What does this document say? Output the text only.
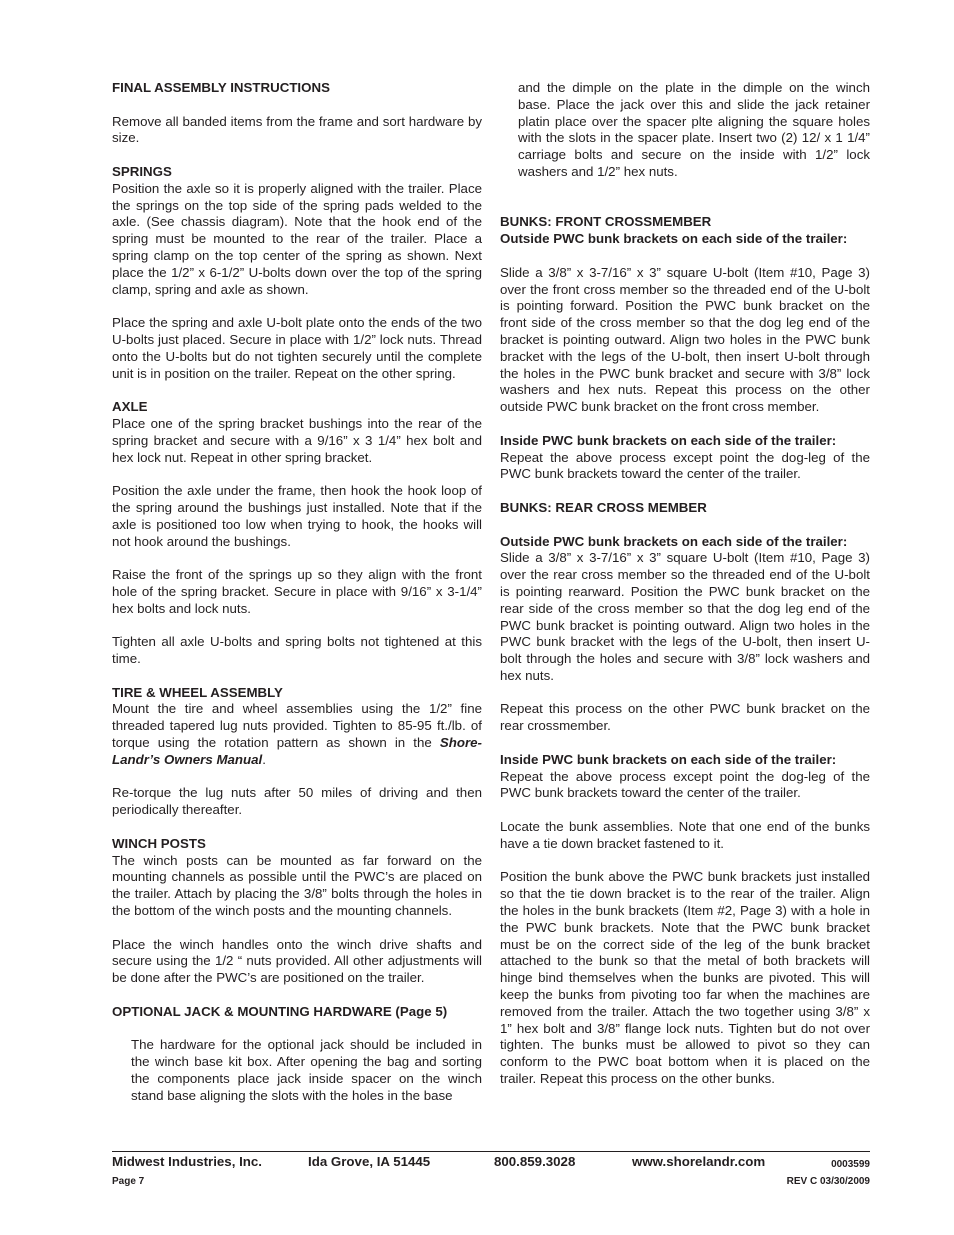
FINAL ASSEMBLY INSTRUCTIONS

Remove all banded items from the frame and sort hardware by size.

SPRINGS

Position the axle so it is properly aligned with the trailer. Place the springs on the top side of the spring pads welded to the axle. (See chassis diagram). Note that the hook end of the spring must be mounted to the rear of the trailer. Place a spring clamp on the top center of the spring as shown. Next place the 1/2” x 6-1/2” U-bolts down over the top of the spring clamp, spring and axle as shown.

Place the spring and axle U-bolt plate onto the ends of the two U-bolts just placed. Secure in place with 1/2” lock nuts. Thread onto the U-bolts but do not tighten securely until the complete unit is in position on the trailer. Repeat on the other spring.

AXLE

Place one of the spring bracket bushings into the rear of the spring bracket and secure with a 9/16” x 3 1/4” hex bolt and hex lock nut. Repeat in other spring bracket.

Position the axle under the frame, then hook the hook loop of the spring around the bushings just installed. Note that if the axle is positioned too low when trying to hook, the hooks will not hook around the bushings.

Raise the front of the springs up so they align with the front hole of the spring bracket. Secure in place with 9/16” x 3-1/4” hex bolts and lock nuts.

Tighten all axle U-bolts and spring bolts not tightened at this time.

TIRE & WHEEL ASSEMBLY

Mount the tire and wheel assemblies using the 1/2” fine threaded tapered lug nuts provided. Tighten to 85-95 ft./lb. of torque using the rotation pattern as shown in the Shore-Landr’s Owners Manual.

Re-torque the lug nuts after 50 miles of driving and then periodically thereafter.

WINCH POSTS

The winch posts can be mounted as far forward on the mounting channels as possible until the PWC’s are placed on the trailer. Attach by placing the 3/8” bolts through the holes in the bottom of the winch posts and the mounting channels.

Place the winch handles onto the winch drive shafts and secure using the 1/2 “ nuts provided. All other adjustments will be done after the PWC’s are positioned on the trailer.

OPTIONAL JACK & MOUNTING HARDWARE (Page 5)

The hardware for the optional jack should be included in the winch base kit box. After opening the bag and sorting the components place jack inside spacer on the winch stand base aligning the slots with the holes in the base

and the dimple on the plate in the dimple on the winch base. Place the jack over this and slide the jack retainer platin place over the spacer plte aligning the square holes with the slots in the spacer plate. Insert two (2) 12/ x 1 1/4” carriage bolts and secure on the inside with 1/2” lock washers and 1/2” hex nuts.

BUNKS: FRONT CROSSMEMBER

Outside PWC bunk brackets on each side of the trailer:

Slide a 3/8” x 3-7/16” x 3” square U-bolt (Item #10, Page 3) over the front cross member so the threaded end of the U-bolt is pointing forward. Position the PWC bunk bracket on the front side of the cross member so that the dog leg end of the bracket is pointing outward. Align two holes in the PWC bunk bracket with the legs of the U-bolt, then insert U-bolt through the holes in the PWC bunk bracket and secure with 3/8” lock washers and hex nuts. Repeat this process on the other outside PWC bunk bracket on the front cross member.

Inside PWC bunk brackets on each side of the trailer:

Repeat the above process except point the dog-leg of the PWC bunk brackets toward the center of the trailer.

BUNKS: REAR CROSS MEMBER

Outside PWC bunk brackets on each side of the trailer:

Slide a 3/8” x 3-7/16” x 3” square U-bolt (Item #10, Page 3) over the rear cross member so the threaded end of the U-bolt is pointing rearward. Position the PWC bunk bracket on the rear side of the cross member so that the dog leg end of the PWC bunk bracket is pointing outward. Align two holes in the PWC bunk bracket with the legs of the U-bolt, then insert U-bolt through the holes and secure with 3/8” lock washers and hex nuts.

Repeat this process on the other PWC bunk bracket on the rear crossmember.

Inside PWC bunk brackets on each side of the trailer:

Repeat the above process except point the dog-leg of the PWC bunk brackets toward the center of the trailer.

Locate the bunk assemblies. Note that one end of the bunks have a tie down bracket fastened to it.

Position the bunk above the PWC bunk brackets just installed so that the tie down bracket is to the rear of the trailer. Align the holes in the bunk brackets (Item #2, Page 3) with a hole in the PWC bunk brackets. Note that the PWC bunk bracket must be on the correct side of the leg of the bunk bracket attached to the bunk so that the metal of both brackets will hinge bind themselves when the bunks are pivoted. This will keep the bunks from pivoting too far when the machines are removed from the trailer. Attach the two together using 3/8” x 1” hex bolt and 3/8” flange lock nuts. Tighten but do not over tighten. The bunks must be allowed to pivot so they can conform to the PWC boat bottom when it is placed on the trailer. Repeat this process on the other bunks.

Midwest Industries, Inc.	Ida Grove, IA 51445	800.859.3028	www.shorelandr.com	0003599
Page 7	REV C 03/30/2009
